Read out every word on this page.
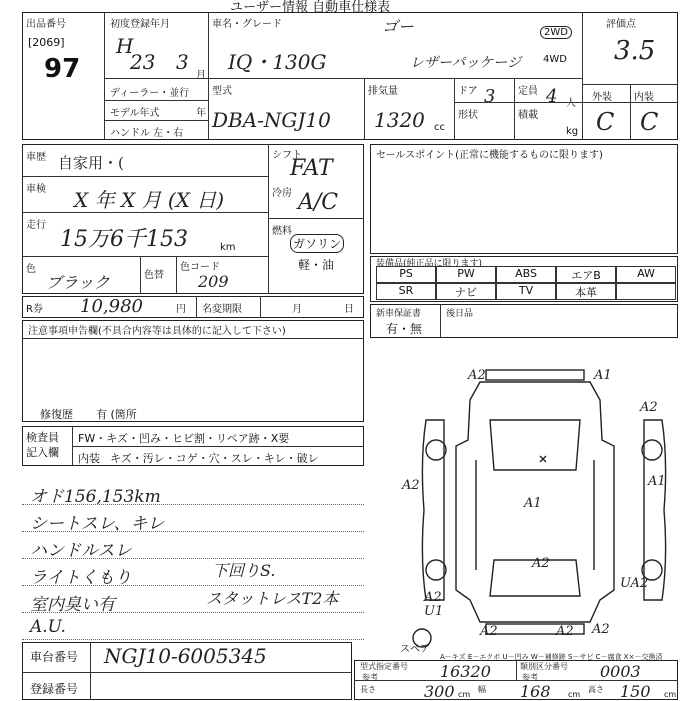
ユーザー情報 自動車仕様表
出品番号
[2069]
97
初度登録年月
H
23 3
月
車名・グレード	ゴー
IQ・130G	レザーパッケージ
2WD
4WD
評価点
3.5
外装 内装
C C
ディーラー・並行
モデル年式	年
ハンドル 左・右
型式
DBA-NGJ10
排気量
1320 cc
ドア 3 定員 4 人
形状	積載
kg
車歴 自家用・(
車検 X 年 X 月 (X 日)
走行
15万6千153	km
色
ブラック	色替
色コード
209
シフト
FAT
冷房 A/C
燃料
ガソリン
軽・油
R券 10,980	円 名変期限	月	日
セールスポイント(正常に機能するものに限ります)
装備品(純正品に限ります)
PS	PW	ABS	エアB	AW
SR	ナビ	TV	本革
新車保証書
有・無
後日品
注意事項申告欄(不具合内容等は具体的に記入して下さい)
修復歴 有 (箇所
検査員記入欄
FW・キズ・凹み・ヒビ割・リペア跡・X要
内装 キズ・汚レ・コゲ・穴・スレ・キレ・破レ
オド156,153km
シートスレ、キレ
ハンドルスレ
ライトくもり
室内臭い有
A.U.
下回りS.
スタットレスT2本
A2	A1
A2
A2	A1
A1
A2
UA2
A2
A2
U1
A2
A2
スペア
A－キズ E－エクボ U－凹み W－補修跡 S－サビ C－腐食 X×－交換済
車台番号 NGJ10-6005345
登録番号
型式指定番号
参考	16320	類別区分番号
参考	0003
長さ	300 cm
幅 168 cm
高さ 150 cm
